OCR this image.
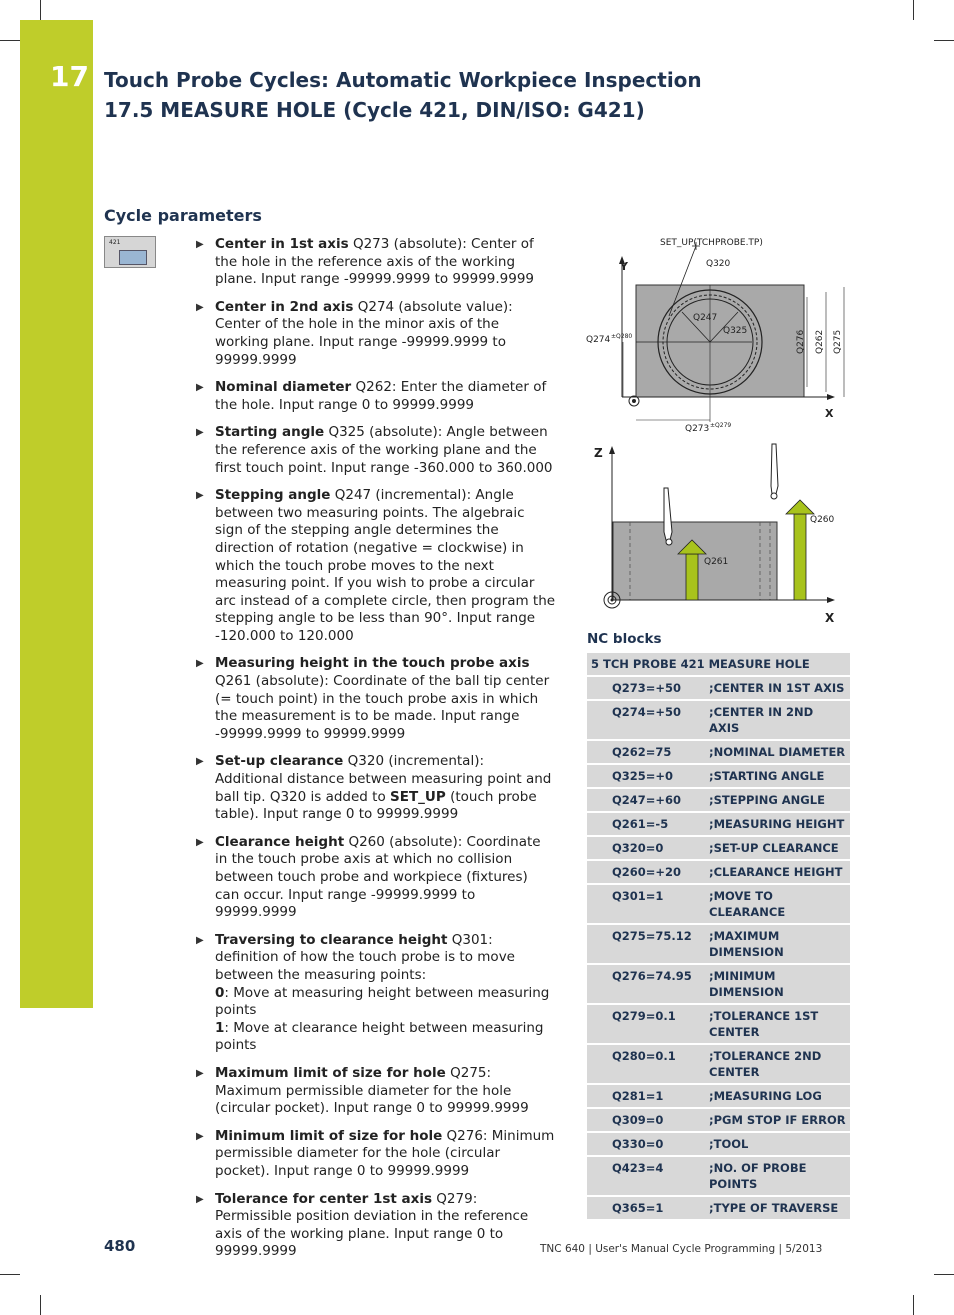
17 Touch Probe Cycles: Automatic Workpiece Inspection
17.5 MEASURE HOLE (Cycle 421, DIN/ISO: G421)
Cycle parameters
421	▶ Center in 1st axis Q273 (absolute): Center of the hole in the reference axis of the working plane. Input range -99999.9999 to 99999.9999
▶ Center in 2nd axis Q274 (absolute value): Center of the hole in the minor axis of the working plane. Input range -99999.9999 to 99999.9999
▶ Nominal diameter Q262: Enter the diameter of the hole. Input range 0 to 99999.9999
▶ Starting angle Q325 (absolute): Angle between the reference axis of the working plane and the first touch point. Input range -360.000 to 360.000
▶ Stepping angle Q247 (incremental): Angle between two measuring points. The algebraic sign of the stepping angle determines the direction of rotation (negative = clockwise) in which the touch probe moves to the next measuring point. If you wish to probe a circular arc instead of a complete circle, then program the stepping angle to be less than 90°. Input range -120.000 to 120.000
▶ Measuring height in the touch probe axis Q261 (absolute): Coordinate of the ball tip center (= touch point) in the touch probe axis in which the measurement is to be made. Input range -99999.9999 to 99999.9999
▶ Set-up clearance Q320 (incremental): Additional distance between measuring point and ball tip. Q320 is added to SET_UP (touch probe table). Input range 0 to 99999.9999
▶ Clearance height Q260 (absolute): Coordinate in the touch probe axis at which no collision between touch probe and workpiece (fixtures) can occur. Input range -99999.9999 to 99999.9999
▶ Traversing to clearance height Q301: definition of how the touch probe is to move between the measuring points:
0: Move at measuring height between measuring points
1: Move at clearance height between measuring points
▶ Maximum limit of size for hole Q275: Maximum permissible diameter for the hole (circular pocket). Input range 0 to 99999.9999
▶ Minimum limit of size for hole Q276: Minimum permissible diameter for the hole (circular pocket). Input range 0 to 99999.9999
▶ Tolerance for center 1st axis Q279: Permissible position deviation in the reference axis of the working plane. Input range 0 to 99999.9999
SET_UP(TCHPROBE.TP)
Y
X
Q320
Q247
Q325	Q276 Q262 Q275
Q274 ±Q280
Q273 ±Q279
Z
X
Q260
Q261
NC blocks
5 TCH PROBE 421 MEASURE HOLE	
Q273=+50	;CENTER IN 1ST AXIS
Q274=+50	;CENTER IN 2ND AXIS
Q262=75	;NOMINAL DIAMETER
Q325=+0	;STARTING ANGLE
Q247=+60	;STEPPING ANGLE
Q261=-5	;MEASURING HEIGHT
Q320=0	;SET-UP CLEARANCE
Q260=+20	;CLEARANCE HEIGHT
Q301=1	;MOVE TO CLEARANCE
Q275=75.12	;MAXIMUM DIMENSION
Q276=74.95	;MINIMUM DIMENSION
Q279=0.1	;TOLERANCE 1ST CENTER
Q280=0.1	;TOLERANCE 2ND CENTER
Q281=1	;MEASURING LOG
Q309=0	;PGM STOP IF ERROR
Q330=0	;TOOL
Q423=4	;NO. OF PROBE POINTS
Q365=1	;TYPE OF TRAVERSE
480	TNC 640 | User's Manual Cycle Programming | 5/2013
